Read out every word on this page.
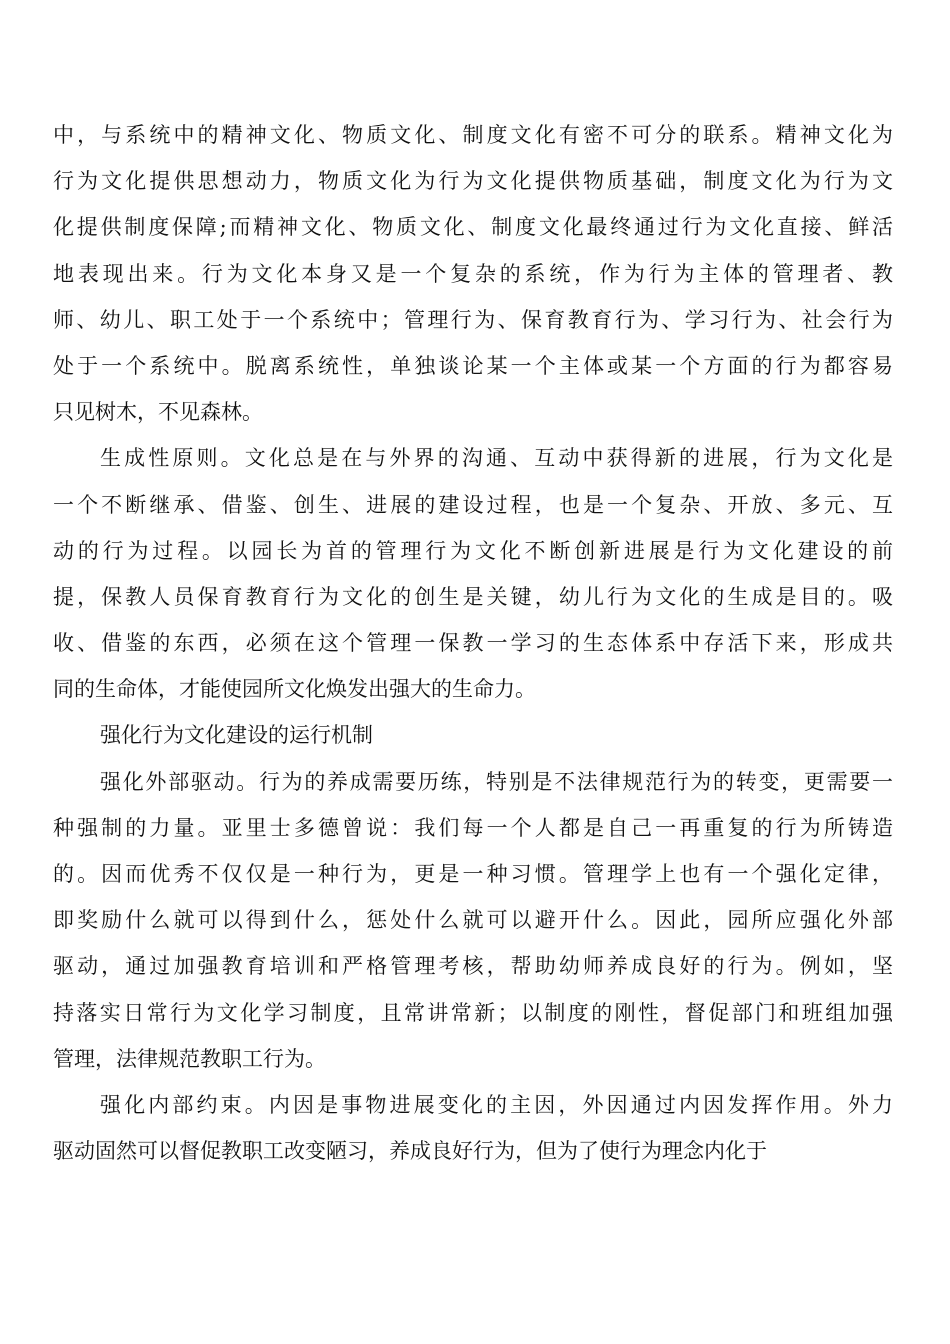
中，与系统中的精神文化、物质文化、制度文化有密不可分的联系。精神文化为
行为文化提供思想动力，物质文化为行为文化提供物质基础，制度文化为行为文
化提供制度保障;而精神文化、物质文化、制度文化最终通过行为文化直接、鲜活
地表现出来。行为文化本身又是一个复杂的系统，作为行为主体的管理者、教
师、幼儿、职工处于一个系统中；管理行为、保育教育行为、学习行为、社会行为
处于一个系统中。脱离系统性，单独谈论某一个主体或某一个方面的行为都容易
只见树木，不见森林。
生成性原则。文化总是在与外界的沟通、互动中获得新的进展，行为文化是
一个不断继承、借鉴、创生、进展的建设过程，也是一个复杂、开放、多元、互
动的行为过程。以园长为首的管理行为文化不断创新进展是行为文化建设的前
提，保教人员保育教育行为文化的创生是关键，幼儿行为文化的生成是目的。吸
收、借鉴的东西，必须在这个管理一保教一学习的生态体系中存活下来，形成共
同的生命体，才能使园所文化焕发出强大的生命力。
强化行为文化建设的运行机制
强化外部驱动。行为的养成需要历练，特别是不法律规范行为的转变，更需要一
种强制的力量。亚里士多德曾说：我们每一个人都是自己一再重复的行为所铸造
的。因而优秀不仅仅是一种行为，更是一种习惯。管理学上也有一个强化定律，
即奖励什么就可以得到什么，惩处什么就可以避开什么。因此，园所应强化外部
驱动，通过加强教育培训和严格管理考核，帮助幼师养成良好的行为。例如，坚
持落实日常行为文化学习制度，且常讲常新；以制度的刚性，督促部门和班组加强
管理，法律规范教职工行为。
强化内部约束。内因是事物进展变化的主因，外因通过内因发挥作用。外力
驱动固然可以督促教职工改变陋习，养成良好行为，但为了使行为理念内化于
